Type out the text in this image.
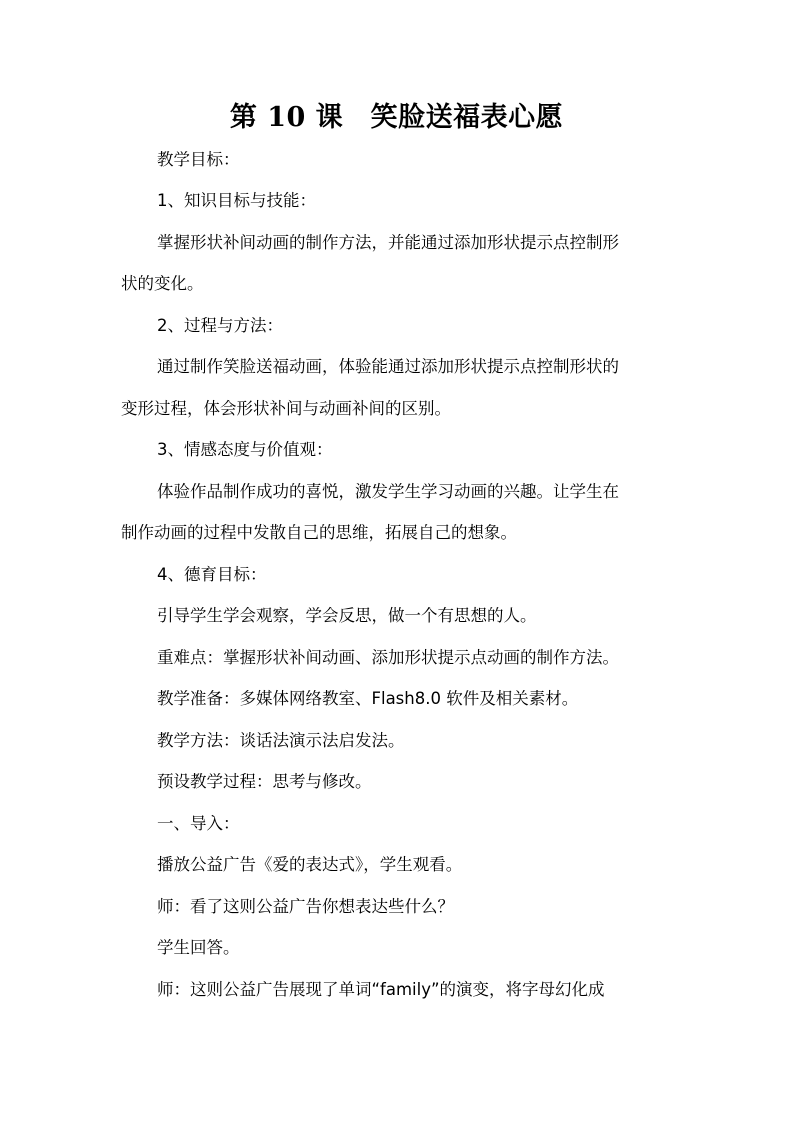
第 10 课　笑脸送福表心愿
教学目标：
1、知识目标与技能：
掌握形状补间动画的制作方法，并能通过添加形状提示点控制形
状的变化。
2、过程与方法：
通过制作笑脸送福动画，体验能通过添加形状提示点控制形状的
变形过程，体会形状补间与动画补间的区别。
3、情感态度与价值观：
体验作品制作成功的喜悦，激发学生学习动画的兴趣。让学生在
制作动画的过程中发散自己的思维，拓展自己的想象。
4、德育目标：
引导学生学会观察，学会反思，做一个有思想的人。
重难点：掌握形状补间动画、添加形状提示点动画的制作方法。
教学准备：多媒体网络教室、Flash8.0 软件及相关素材。
教学方法：谈话法演示法启发法。
预设教学过程：思考与修改。
一、导入：
播放公益广告《爱的表达式》，学生观看。
师：看了这则公益广告你想表达些什么？
学生回答。
师：这则公益广告展现了单词“family”的演变，将字母幻化成
